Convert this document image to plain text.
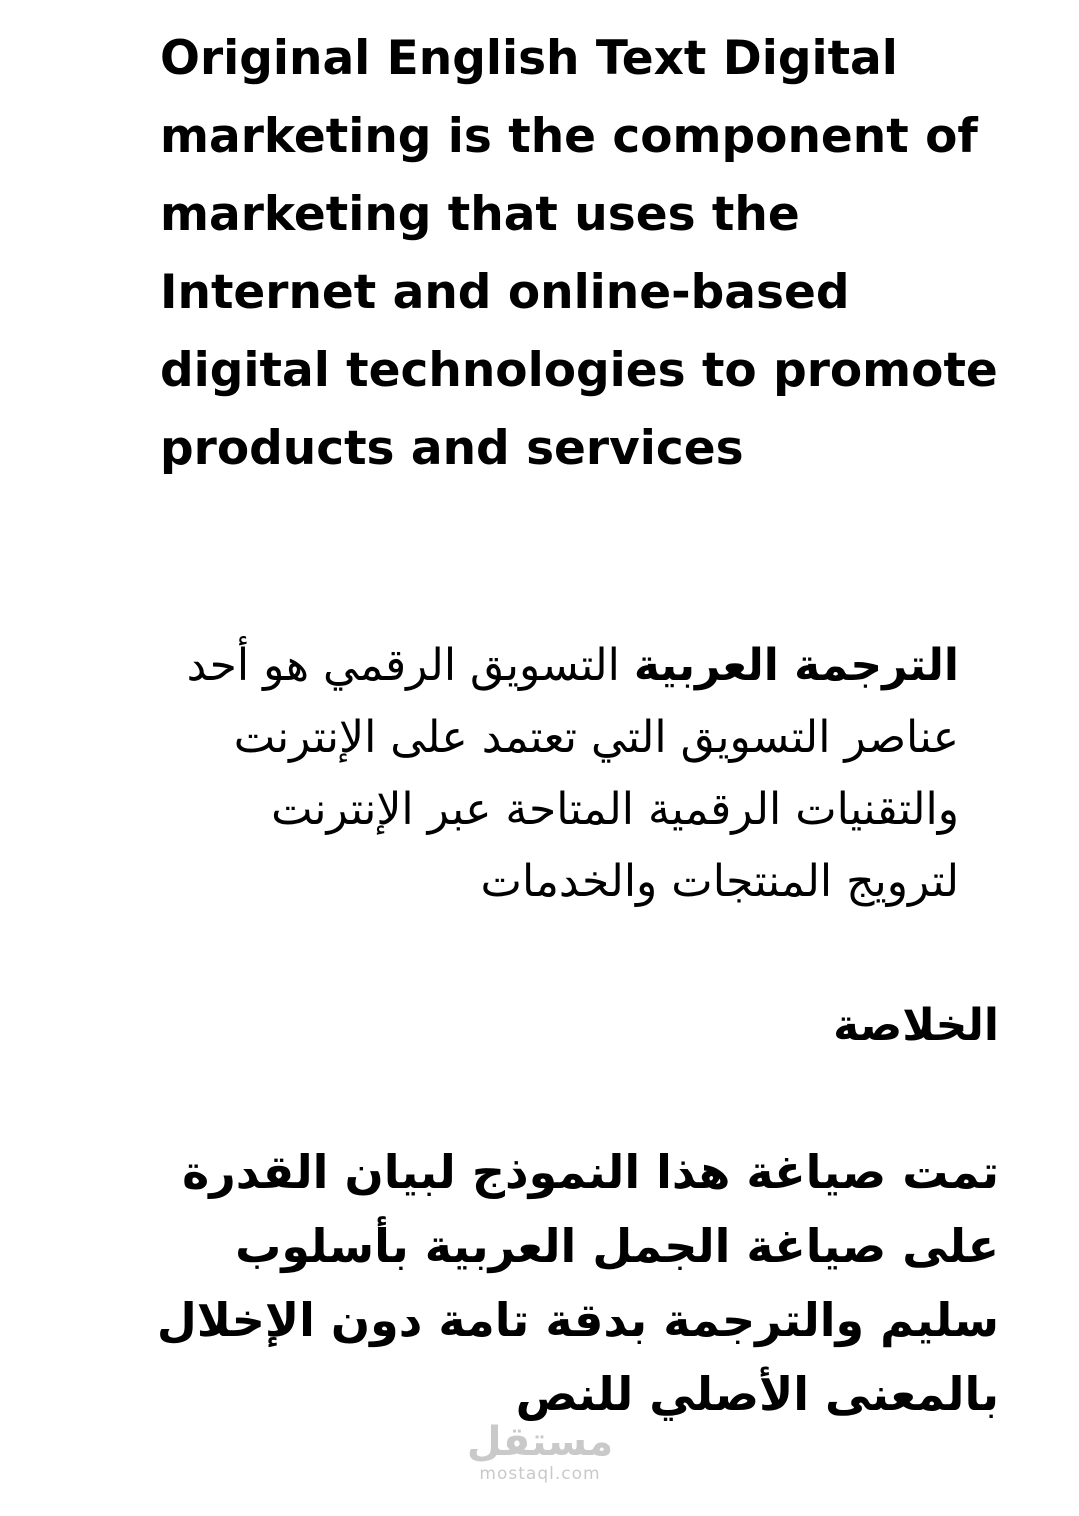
Original English Text Digital marketing is the component of marketing that uses the Internet and online-based digital technologies to promote products and services
الترجمة العربية التسويق الرقمي هو أحد عناصر التسويق التي تعتمد على الإنترنت والتقنيات الرقمية المتاحة عبر الإنترنت لترويج المنتجات والخدمات
الخلاصة
تمت صياغة هذا النموذج لبيان القدرة على صياغة الجمل العربية بأسلوب سليم والترجمة بدقة تامة دون الإخلال بالمعنى الأصلي للنص
مستقل
mostaql.com
